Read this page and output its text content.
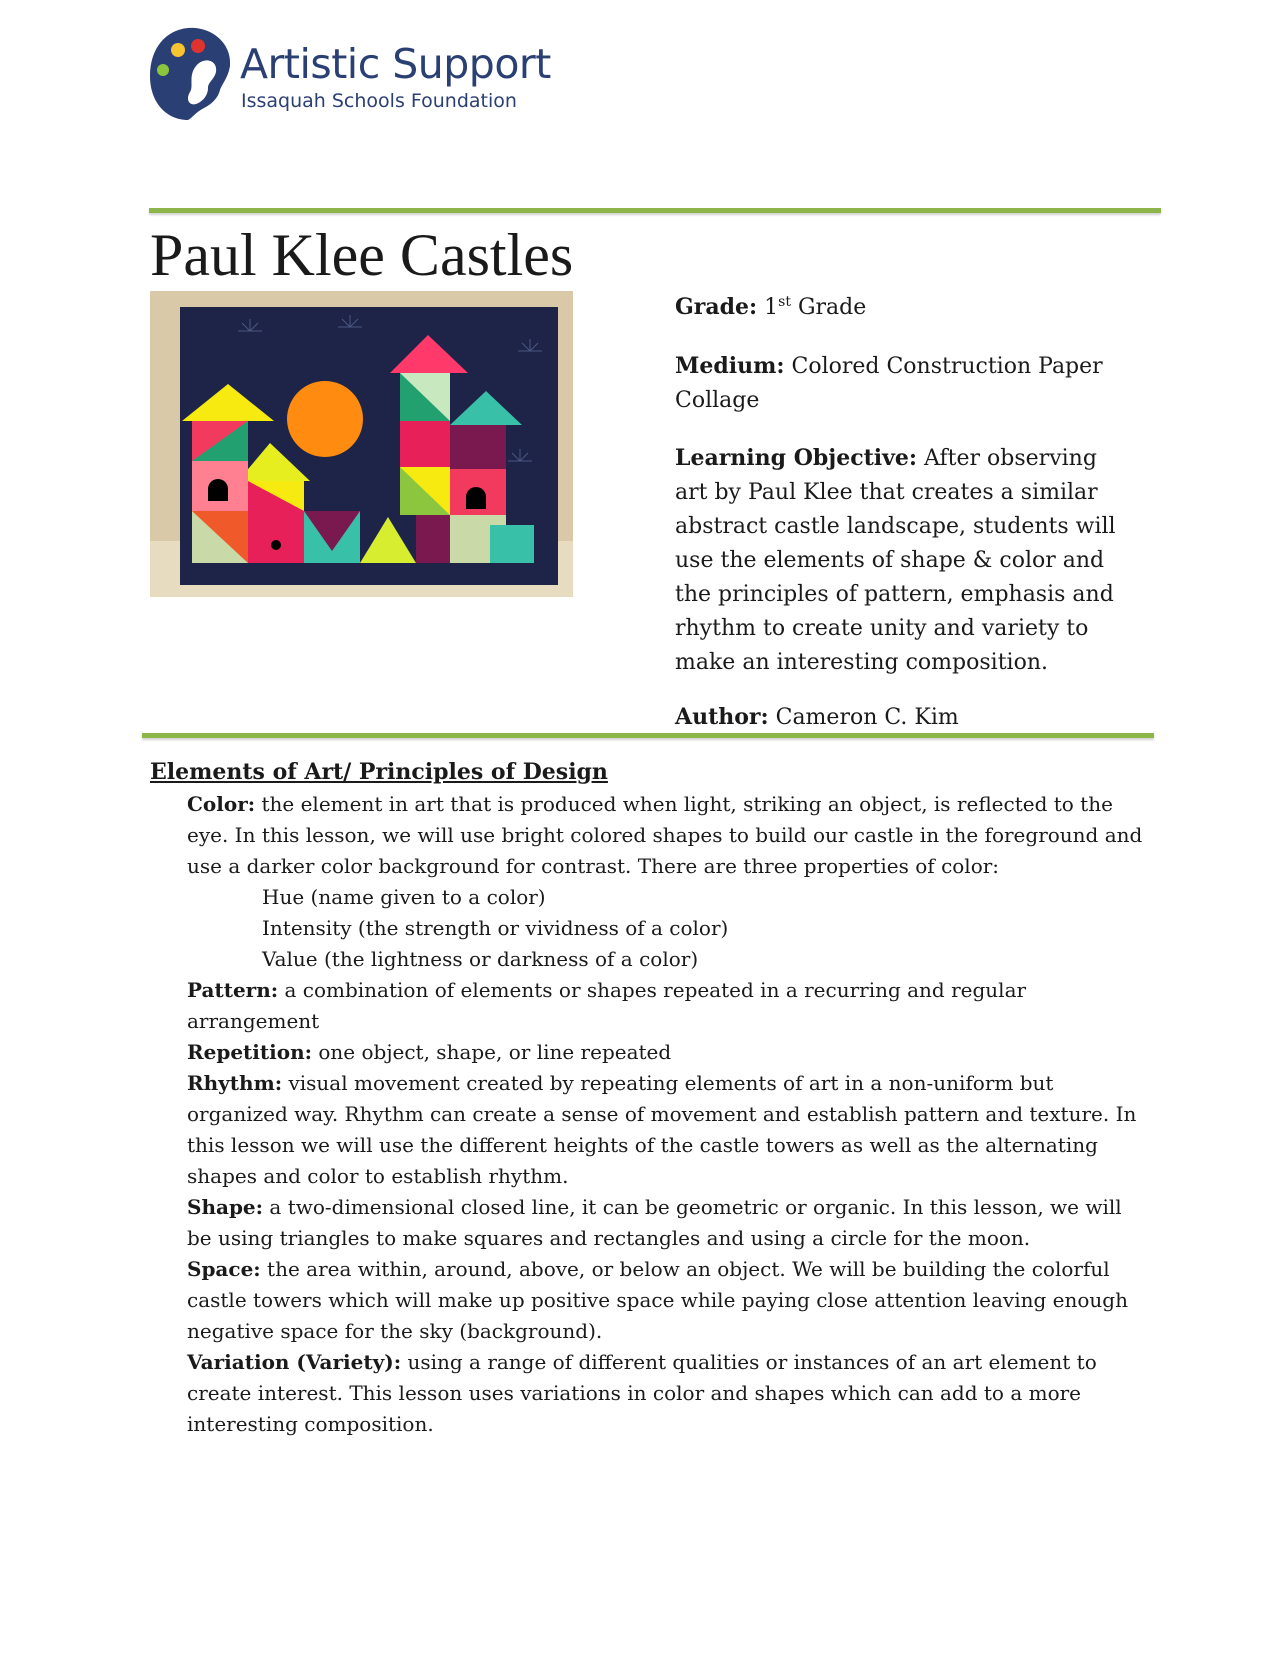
Artistic Support
Issaquah Schools Foundation
Paul Klee Castles
Grade: 1st Grade
Medium: Colored Construction Paper Collage
Learning Objective: After observing art by Paul Klee that creates a similar abstract castle landscape, students will use the elements of shape & color and the principles of pattern, emphasis and rhythm to create unity and variety to make an interesting composition.
Author: Cameron C. Kim
Elements of Art/ Principles of Design

Color: the element in art that is produced when light, striking an object, is reflected to the eye. In this lesson, we will use bright colored shapes to build our castle in the foreground and use a darker color background for contrast. There are three properties of color:

Hue (name given to a color)

Intensity (the strength or vividness of a color)

Value (the lightness or darkness of a color)

Pattern: a combination of elements or shapes repeated in a recurring and regular arrangement

Repetition: one object, shape, or line repeated

Rhythm: visual movement created by repeating elements of art in a non-uniform but organized way. Rhythm can create a sense of movement and establish pattern and texture. In this lesson we will use the different heights of the castle towers as well as the alternating shapes and color to establish rhythm.

Shape: a two-dimensional closed line, it can be geometric or organic. In this lesson, we will be using triangles to make squares and rectangles and using a circle for the moon.

Space: the area within, around, above, or below an object. We will be building the colorful castle towers which will make up positive space while paying close attention leaving enough negative space for the sky (background).

Variation (Variety): using a range of different qualities or instances of an art element to create interest. This lesson uses variations in color and shapes which can add to a more interesting composition.
